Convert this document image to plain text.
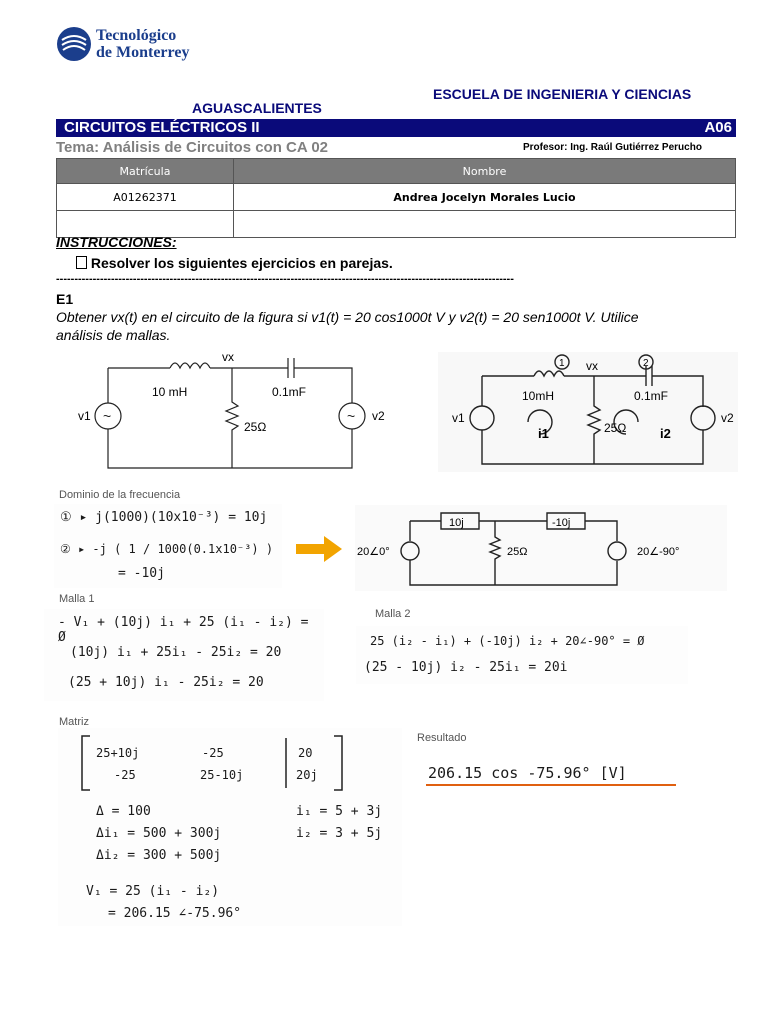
Tecnológico
de Monterrey
ESCUELA DE INGENIERIA Y CIENCIAS
AGUASCALIENTES
CIRCUITOS ELÉCTRICOS II	A06
Tema: Análisis de Circuitos con CA 02	Profesor: Ing. Raúl Gutiérrez Perucho
Matrícula	Nombre
A01262371	Andrea Jocelyn Morales Lucio

INSTRUCCIONES:
Resolver los siguientes ejercicios en parejas.
-----------------------------------------------------------------------------------------------------------------------------
E1
Obtener vx(t) en el circuito de la figura si v1(t) = 20 cos1000t V y v2(t) = 20 sen1000t V. Utilice
análisis de mallas.
vx
10 mH	0.1mF
25Ω
v1	v2
~	~
1	2
vx
10mH	0.1mF
25Ω
v1	v2
i1	i2
Dominio de la frecuencia
① ▸ j(1000)(10x10⁻³) = 10j
② ▸ -j ( 1 / 1000(0.1x10⁻³) )
= -10j
10j	-10j
25Ω
20∠0°	20∠-90°
Malla 1
- V₁ + (10j) i₁ + 25 (i₁ - i₂) = Ø
(10j) i₁ + 25i₁ - 25i₂ = 20
(25 + 10j) i₁ - 25i₂ = 20
Malla 2
25 (i₂ - i₁) + (-10j) i₂ + 20∠-90° = Ø
(25 - 10j) i₂ - 25i₁ = 20i
Matriz
25+10j	-25	20
-25	25-10j	20j
Δ = 100
Δi₁ = 500 + 300j
Δi₂ = 300 + 500j
i₁ = 5 + 3j
i₂ = 3 + 5j
V₁ = 25 (i₁ - i₂)
= 206.15 ∠-75.96°
Resultado
206.15 cos -75.96° [V]
